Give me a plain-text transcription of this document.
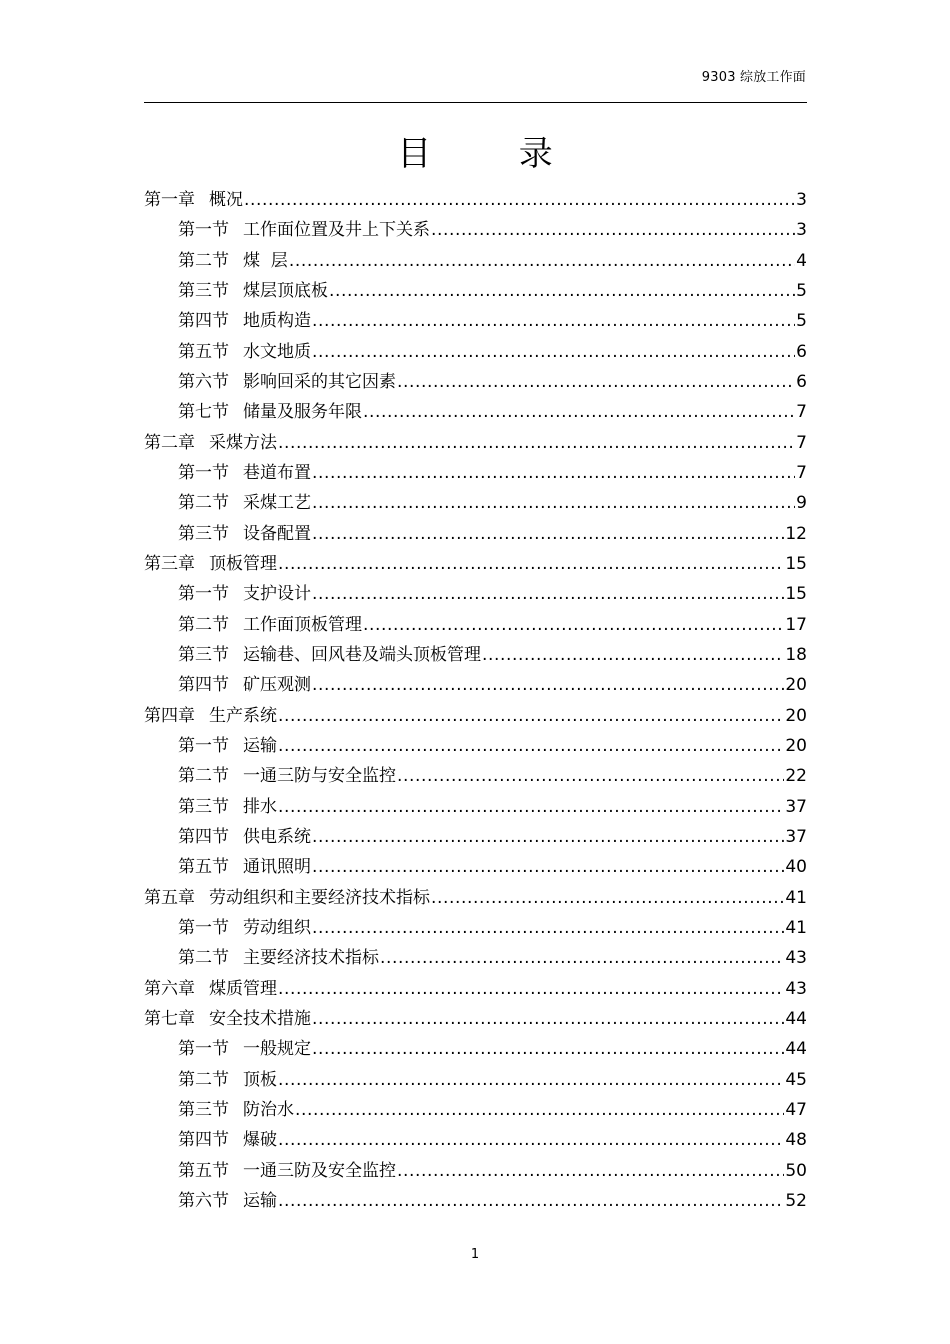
9303 综放工作面
目  录
第一章 概况 .....	3
第一节 工作面位置及井上下关系 .....	3
第二节 煤  层 .....	4
第三节 煤层顶底板 .....	5
第四节 地质构造 .....	5
第五节 水文地质 .....	6
第六节 影响回采的其它因素 .....	6
第七节 储量及服务年限 .....	7
第二章 采煤方法 .....	7
第一节 巷道布置 .....	7
第二节 采煤工艺 .....	9
第三节 设备配置 .....	12
第三章 顶板管理 .....	15
第一节 支护设计 .....	15
第二节 工作面顶板管理 .....	17
第三节 运输巷、回风巷及端头顶板管理 .....	18
第四节 矿压观测 .....	20
第四章 生产系统 .....	20
第一节 运输 .....	20
第二节 一通三防与安全监控 .....	22
第三节 排水 .....	37
第四节 供电系统 .....	37
第五节 通讯照明 .....	40
第五章 劳动组织和主要经济技术指标 .....	41
第一节 劳动组织 .....	41
第二节 主要经济技术指标 .....	43
第六章 煤质管理 .....	43
第七章 安全技术措施 .....	44
第一节 一般规定 .....	44
第二节 顶板 .....	45
第三节 防治水 .....	47
第四节 爆破 .....	48
第五节 一通三防及安全监控 .....	50
第六节 运输 .....	52
1
